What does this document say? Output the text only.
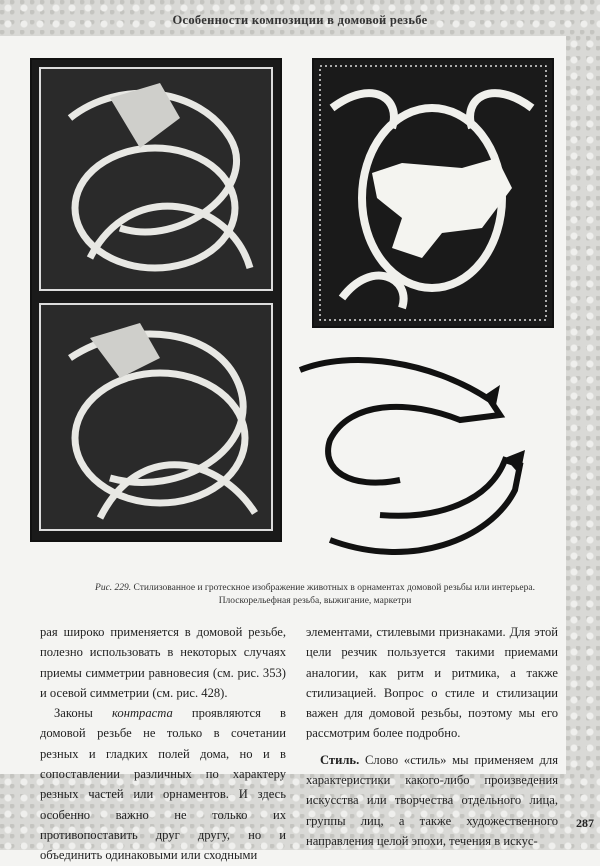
Особенности композиции в домовой резьбе
Рис. 229. Стилизованное и гротескное изображение животных в орнаментах домовой резьбы или интерьера. Плоскорельефная резьба, выжигание, маркетри

рая широко применяется в домовой резьбе, полезно использовать в некоторых случаях приемы симметрии равновесия (см. рис. 353) и осевой симметрии (см. рис. 428).

Законы контраста проявляются в домовой резьбе не только в сочетании резных и гладких полей дома, но и в сопоставлении различных по характеру резных частей или орнаментов. И здесь особенно важно не только их противопоставить друг другу, но и объединить одинаковыми или сходными

элементами, стилевыми признаками. Для этой цели резчик пользуется такими приемами аналогии, как ритм и ритмика, а также стилизацией. Вопрос о стиле и стилизации важен для домовой резьбы, поэтому мы его рассмотрим более подробно.

Стиль. Слово «стиль» мы применяем для характеристики какого-либо произведения искусства или творчества отдельного лица, группы лиц, а также художественного направления целой эпохи, течения в искус-

287
